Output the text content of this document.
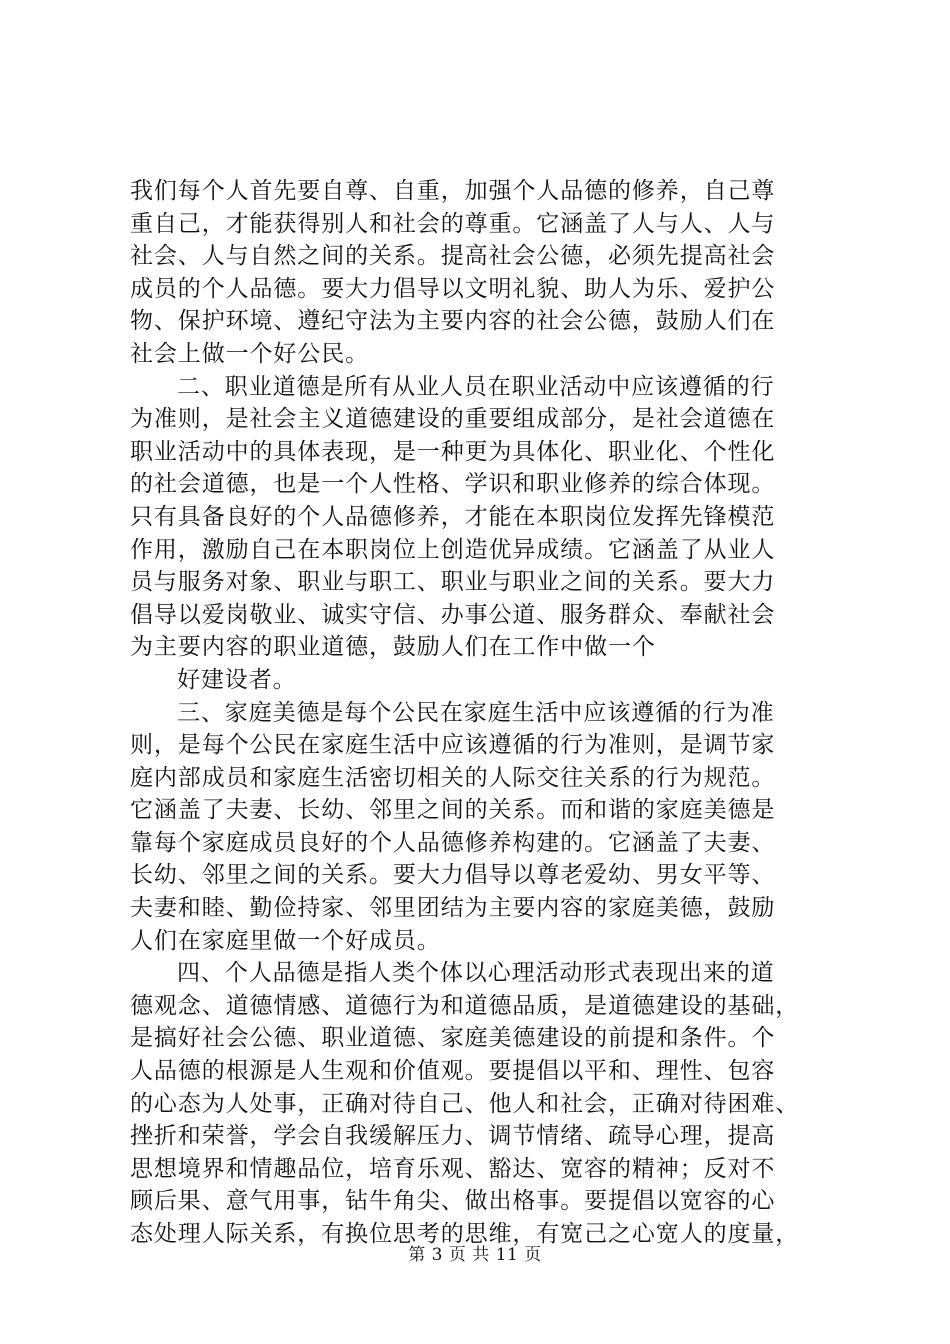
我们每个人首先要自尊、自重，加强个人品德的修养，自己尊
重自己，才能获得别人和社会的尊重。它涵盖了人与人、人与
社会、人与自然之间的关系。提高社会公德，必须先提高社会
成员的个人品德。要大力倡导以文明礼貌、助人为乐、爱护公
物、保护环境、遵纪守法为主要内容的社会公德，鼓励人们在
社会上做一个好公民。
二、职业道德是所有从业人员在职业活动中应该遵循的行
为准则，是社会主义道德建设的重要组成部分，是社会道德在
职业活动中的具体表现，是一种更为具体化、职业化、个性化
的社会道德，也是一个人性格、学识和职业修养的综合体现。
只有具备良好的个人品德修养，才能在本职岗位发挥先锋模范
作用，激励自己在本职岗位上创造优异成绩。它涵盖了从业人
员与服务对象、职业与职工、职业与职业之间的关系。要大力
倡导以爱岗敬业、诚实守信、办事公道、服务群众、奉献社会
为主要内容的职业道德，鼓励人们在工作中做一个
好建设者。
三、家庭美德是每个公民在家庭生活中应该遵循的行为准
则，是每个公民在家庭生活中应该遵循的行为准则，是调节家
庭内部成员和家庭生活密切相关的人际交往关系的行为规范。
它涵盖了夫妻、长幼、邻里之间的关系。而和谐的家庭美德是
靠每个家庭成员良好的个人品德修养构建的。它涵盖了夫妻、
长幼、邻里之间的关系。要大力倡导以尊老爱幼、男女平等、
夫妻和睦、勤俭持家、邻里团结为主要内容的家庭美德，鼓励
人们在家庭里做一个好成员。
四、个人品德是指人类个体以心理活动形式表现出来的道
德观念、道德情感、道德行为和道德品质，是道德建设的基础，
是搞好社会公德、职业道德、家庭美德建设的前提和条件。个
人品德的根源是人生观和价值观。要提倡以平和、理性、包容
的心态为人处事，正确对待自己、他人和社会，正确对待困难、
挫折和荣誉，学会自我缓解压力、调节情绪、疏导心理，提高
思想境界和情趣品位，培育乐观、豁达、宽容的精神；反对不
顾后果、意气用事，钻牛角尖、做出格事。要提倡以宽容的心
态处理人际关系，有换位思考的思维，有宽己之心宽人的度量，
第 3 页 共 11 页
